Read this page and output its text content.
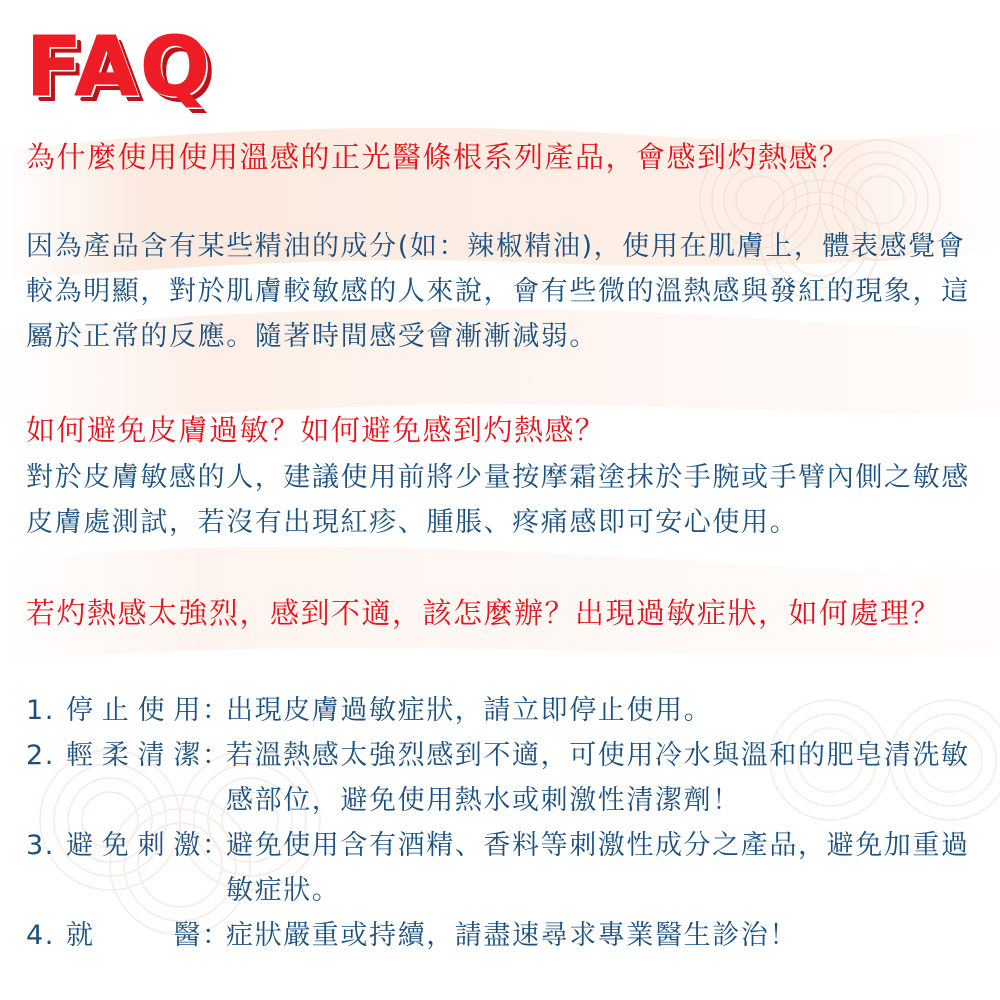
FAQ

為什麼使用使用溫感的正光醫條根系列產品，會感到灼熱感？

因為產品含有某些精油的成分(如：辣椒精油)，使用在肌膚上，體表感覺會較為明顯，對於肌膚較敏感的人來說，會有些微的溫熱感與發紅的現象，這屬於正常的反應。隨著時間感受會漸漸減弱。

如何避免皮膚過敏？如何避免感到灼熱感？

對於皮膚敏感的人，建議使用前將少量按摩霜塗抹於手腕或手臂內側之敏感皮膚處測試，若沒有出現紅疹、腫脹、疼痛感即可安心使用。

若灼熱感太強烈，感到不適，該怎麼辦？出現過敏症狀，如何處理？

1. 停 止 使 用 ：
出現皮膚過敏症狀，請立即停止使用。
2. 輕 柔 清 潔 ：
若溫熱感太強烈感到不適，可使用冷水與溫和的肥皂清洗敏感部位，避免使用熱水或刺激性清潔劑！
3. 避 免 刺 激 ：
避免使用含有酒精、香料等刺激性成分之產品，避免加重過敏症狀。
4. 就	醫 ：
症狀嚴重或持續，請盡速尋求專業醫生診治！
